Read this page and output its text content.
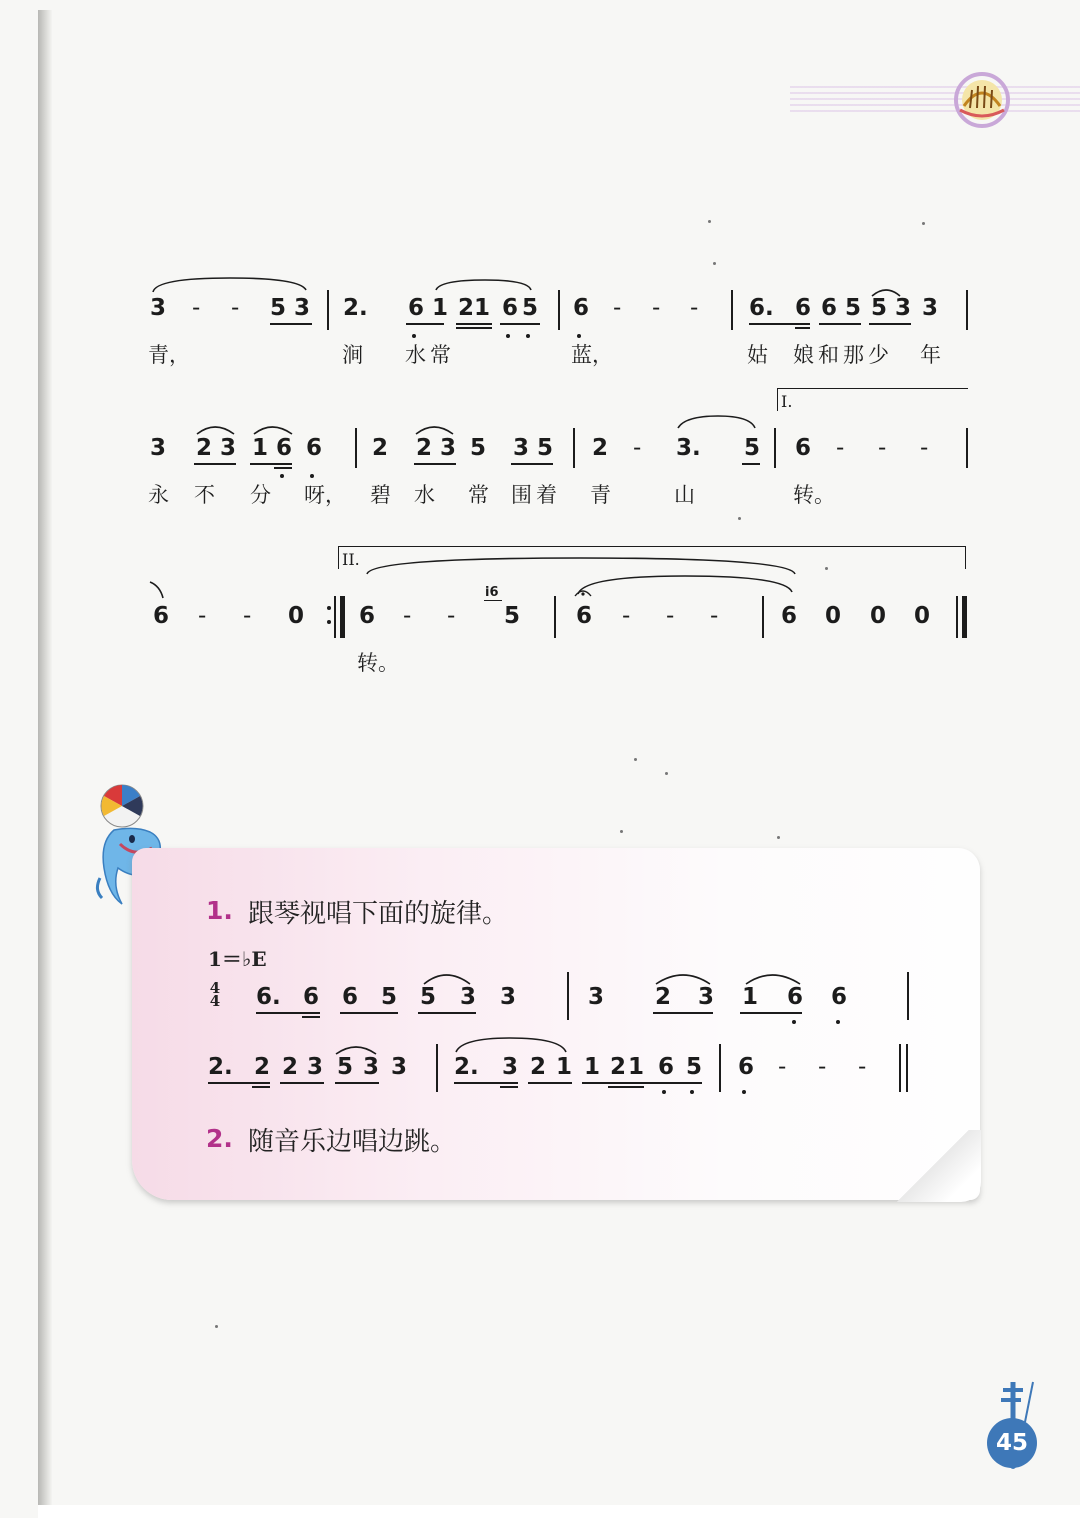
3 - - 5 3 2. 6 1 2 1 6 5 6 - - - 6. 6 6 5 5 3 3
青，	涧 水 常	蓝，	姑 娘 和 那 少 年
I.
3 2 3 1 6 6 2 2 3 5 3 5 2 - 3. 5 6 - - -
永 不 分 呀， 碧 水 常 围 着 青	山	转。
II.
6 - - 0 6 - -
i6
5 6 - - -	6 0 0 0
转。
1. 跟琴视唱下面的旋律。
1＝♭E
4
4 6. 6 6 5 5 3 3	3 2 3 1 6 6
2. 2 2 3 5 3 3 2. 3 2 1 1 2 1 6 5 6 - - -
2. 随音乐边唱边跳。
45
